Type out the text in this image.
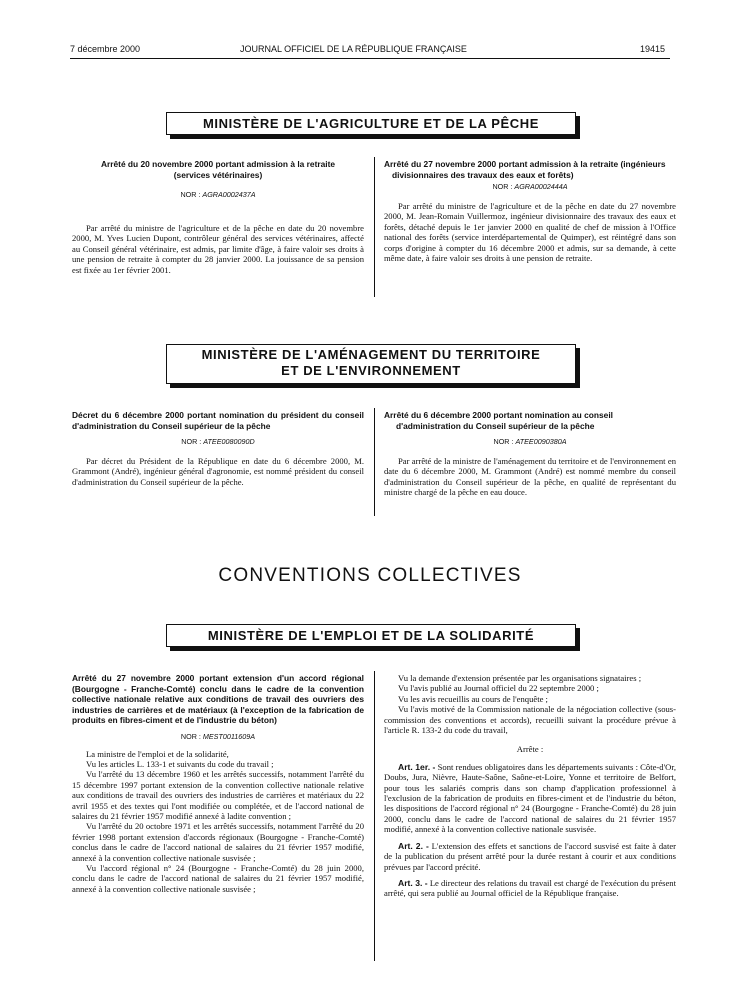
7 décembre 2000	JOURNAL OFFICIEL DE LA RÉPUBLIQUE FRANÇAISE	19415
MINISTÈRE DE L'AGRICULTURE ET DE LA PÊCHE
Arrêté du 20 novembre 2000 portant admission à la retraite (services vétérinaires)
NOR : AGRA0002437A

Par arrêté du ministre de l'agriculture et de la pêche en date du 20 novembre 2000, M. Yves Lucien Dupont, contrôleur général des services vétérinaires, affecté au Conseil général vétérinaire, est admis, par limite d'âge, à faire valoir ses droits à une pension de retraite à compter du 28 janvier 2000. La jouissance de sa pension est fixée au 1er février 2001.

Arrêté du 27 novembre 2000 portant admission à la retraite (ingénieurs divisionnaires des travaux des eaux et forêts)
NOR : AGRA0002444A

Par arrêté du ministre de l'agriculture et de la pêche en date du 27 novembre 2000, M. Jean-Romain Vuillermoz, ingénieur divisionnaire des travaux des eaux et forêts, détaché depuis le 1er janvier 2000 en qualité de chef de mission à l'Office national des forêts (service interdépartemental de Quimper), est réintégré dans son corps d'origine à compter du 16 décembre 2000 et admis, sur sa demande, à cette même date, à faire valoir ses droits à une pension de retraite.

MINISTÈRE DE L'AMÉNAGEMENT DU TERRITOIRE
ET DE L'ENVIRONNEMENT
Décret du 6 décembre 2000 portant nomination du président du conseil d'administration du Conseil supérieur de la pêche
NOR : ATEE0080090D

Par décret du Président de la République en date du 6 décembre 2000, M. Grammont (André), ingénieur général d'agronomie, est nommé président du conseil d'administration du Conseil supérieur de la pêche.

Arrêté du 6 décembre 2000 portant nomination au conseil d'administration du Conseil supérieur de la pêche
NOR : ATEE0090380A

Par arrêté de la ministre de l'aménagement du territoire et de l'environnement en date du 6 décembre 2000, M. Grammont (André) est nommé membre du conseil d'administration du Conseil supérieur de la pêche, en qualité de représentant du ministre chargé de la pêche en eau douce.

CONVENTIONS COLLECTIVES
MINISTÈRE DE L'EMPLOI ET DE LA SOLIDARITÉ
Arrêté du 27 novembre 2000 portant extension d'un accord régional (Bourgogne - Franche-Comté) conclu dans le cadre de la convention collective nationale relative aux conditions de travail des ouvriers des industries de carrières et de matériaux (à l'exception de la fabrication de produits en fibres-ciment et de l'industrie du béton)
NOR : MEST0011609A

La ministre de l'emploi et de la solidarité,

Vu les articles L. 133-1 et suivants du code du travail ;

Vu l'arrêté du 13 décembre 1960 et les arrêtés successifs, notamment l'arrêté du 15 décembre 1997 portant extension de la convention collective nationale relative aux conditions de travail des ouvriers des industries de carrières et matériaux du 22 avril 1955 et des textes qui l'ont modifiée ou complétée, et de l'accord national de salaires du 21 février 1957 modifié annexé à ladite convention ;

Vu l'arrêté du 20 octobre 1971 et les arrêtés successifs, notamment l'arrêté du 20 février 1998 portant extension d'accords régionaux (Bourgogne - Franche-Comté) conclus dans le cadre de l'accord national de salaires du 21 février 1957 modifié, annexé à la convention collective nationale susvisée ;

Vu l'accord régional n° 24 (Bourgogne - Franche-Comté) du 28 juin 2000, conclu dans le cadre de l'accord national de salaires du 21 février 1957 modifié, annexé à la convention collective nationale susvisée ;

Vu la demande d'extension présentée par les organisations signataires ;

Vu l'avis publié au Journal officiel du 22 septembre 2000 ;

Vu les avis recueillis au cours de l'enquête ;

Vu l'avis motivé de la Commission nationale de la négociation collective (sous-commission des conventions et accords), recueilli suivant la procédure prévue à l'article R. 133-2 du code du travail,

Arrête :

Art. 1er. - Sont rendues obligatoires dans les départements suivants : Côte-d'Or, Doubs, Jura, Nièvre, Haute-Saône, Saône-et-Loire, Yonne et territoire de Belfort, pour tous les salariés compris dans son champ d'application professionnel à l'exclusion de la fabrication de produits en fibres-ciment et de l'industrie du béton, les dispositions de l'accord régional n° 24 (Bourgogne - Franche-Comté) du 28 juin 2000, conclu dans le cadre de l'accord national de salaires du 21 février 1957 modifié, annexé à la convention collective nationale susvisée.

Art. 2. - L'extension des effets et sanctions de l'accord susvisé est faite à dater de la publication du présent arrêté pour la durée restant à courir et aux conditions prévues par l'accord précité.

Art. 3. - Le directeur des relations du travail est chargé de l'exécution du présent arrêté, qui sera publié au Journal officiel de la République française.
